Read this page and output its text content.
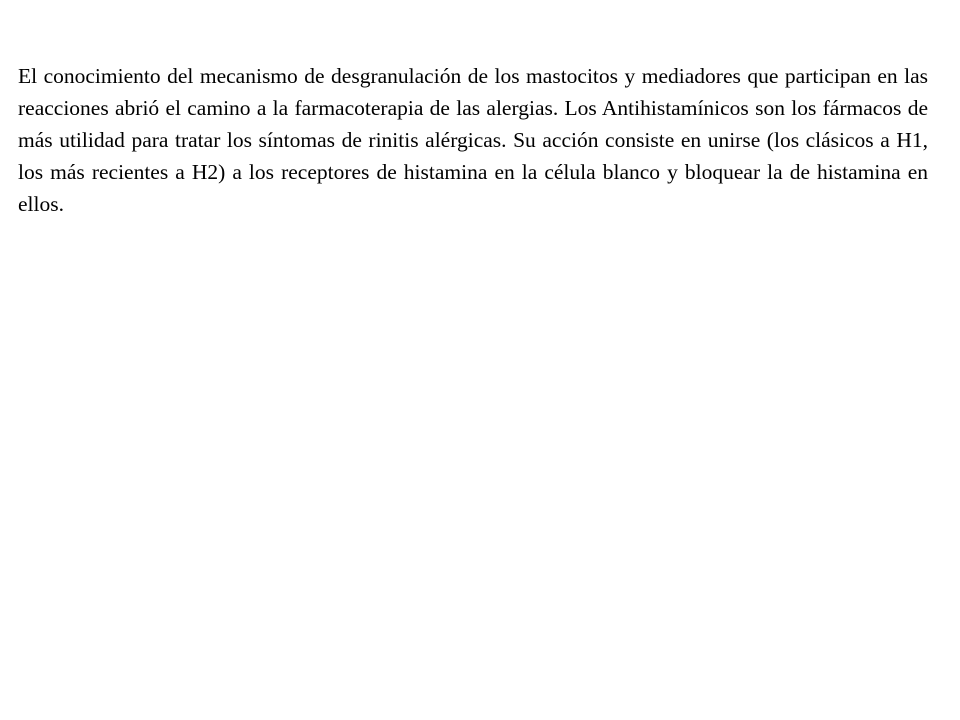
El conocimiento del mecanismo de desgranulación de los mastocitos y mediadores que participan en las reacciones abrió el camino a la farmacoterapia de las alergias. Los Antihistamínicos son los fármacos de más utilidad para tratar los síntomas de rinitis alérgicas. Su acción consiste en unirse (los clásicos a H1, los más recientes a H2) a los receptores de histamina en la célula blanco y bloquear la de histamina en ellos.
